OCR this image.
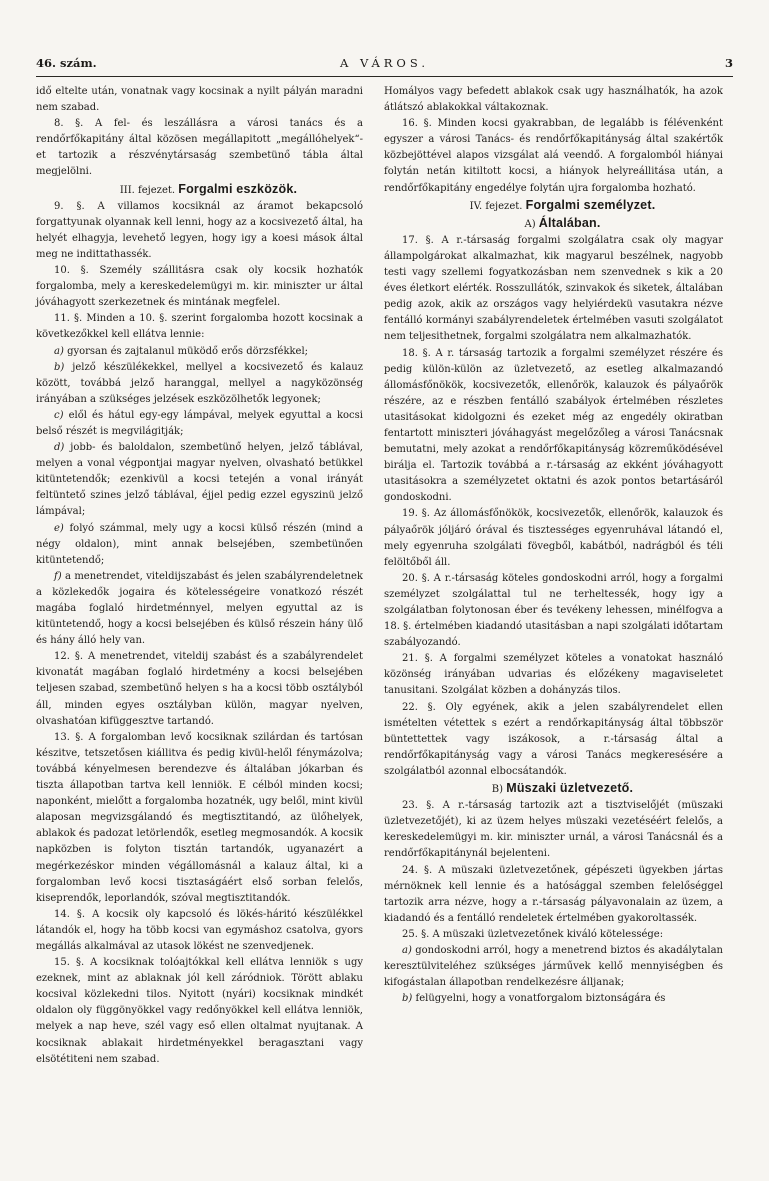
46. szám.	A VÁROS.	3

idő eltelte után, vonatnak vagy kocsinak a nyilt pályán maradni nem szabad.

8. §. A fel- és leszállásra a városi tanács és a rendőrfőkapitány által közösen megállapitott „megállóhelyek“-et tartozik a részvénytársaság szembetünő tábla által megjelölni.

III. fejezet. Forgalmi eszközök.

9. §. A villamos kocsiknál az áramot bekapcsoló forgattyunak olyannak kell lenni, hogy az a kocsivezető által, ha helyét elhagyja, levehető legyen, hogy igy a koesi mások által meg ne indittathassék.

10. §. Személy szállitásra csak oly kocsik hozhatók forgalomba, mely a kereskedelemügyi m. kir. miniszter ur által jóváhagyott szerkezetnek és mintának megfelel.

11. §. Minden a 10. §. szerint forgalomba hozott kocsinak a következőkkel kell ellátva lennie:

a) gyorsan és zajtalanul müködő erős dörzsfékkel;

b) jelző készülékekkel, mellyel a kocsivezető és kalauz között, továbbá jelző haranggal, mellyel a nagyközönség irányában a szükséges jelzések eszközölhetők legyonek;

c) elől és hátul egy-egy lámpával, melyek egyuttal a kocsi belső részét is megvilágitják;

d) jobb- és baloldalon, szembetünő helyen, jelző táblával, melyen a vonal végpontjai magyar nyelven, olvasható betükkel kitüntetendők; ezenkivül a kocsi tetején a vonal irányát feltüntető szines jelző táblával, éjjel pedig ezzel egyszinü jelző lámpával;

e) folyó számmal, mely ugy a kocsi külső részén (mind a négy oldalon), mint annak belsejében, szembetünően kitüntetendő;

f) a menetrendet, viteldijszabást és jelen szabályrendeletnek a közlekedők jogaira és kötelességeire vonatkozó részét magába foglaló hirdetménnyel, melyen egyuttal az is kitüntetendő, hogy a kocsi belsejében és külső részein hány ülő és hány álló hely van.

12. §. A menetrendet, viteldij szabást és a szabályrendelet kivonatát magában foglaló hirdetmény a kocsi belsejében teljesen szabad, szembetünő helyen s ha a kocsi több osztályból áll, minden egyes osztályban külön, magyar nyelven, olvashatóan kifüggesztve tartandó.

13. §. A forgalomban levő kocsiknak szilárdan és tartósan készitve, tetszetősen kiállitva és pedig kivül-helől fénymázolva; továbbá kényelmesen berendezve és általában jókarban és tiszta állapotban tartva kell lenniök. E célból minden kocsi; naponként, mielőtt a forgalomba hozatnék, ugy belől, mint kivül alaposan megvizsgálandó és megtisztitandó, az ülőhelyek, ablakok és padozat letörlendők, esetleg megmosandók. A kocsik napközben is folyton tisztán tartandók, ugyanazért a megérkezéskor minden végállomásnál a kalauz által, ki a forgalomban levő kocsi tisztaságáért első sorban felelős, kiseprendők, leporlandók, szóval megtisztitandók.

14. §. A kocsik oly kapcsoló és lökés-háritó készülékkel látandók el, hogy ha több kocsi van egymáshoz csatolva, gyors megállás alkalmával az utasok lökést ne szenvedjenek.

15. §. A kocsiknak tolóajtókkal kell ellátva lenniök s ugy ezeknek, mint az ablaknak jól kell záródniok. Törött ablaku kocsival közlekedni tilos. Nyitott (nyári) kocsiknak mindkét oldalon oly függönyökkel vagy redőnyökkel kell ellátva lenniök, melyek a nap heve, szél vagy eső ellen oltalmat nyujtanak. A kocsiknak ablakait hirdetményekkel beragasztani vagy elsötétiteni nem szabad.

Homályos vagy befedett ablakok csak ugy használhatók, ha azok átlátszó ablakokkal váltakoznak.

16. §. Minden kocsi gyakrabban, de legalább is félévenként egyszer a városi Tanács- és rendőrfőkapitányság által szakértők közbejöttével alapos vizsgálat alá veendő. A forgalomból hiányai folytán netán kitiltott kocsi, a hiányok helyreállitása után, a rendőrfőkapitány engedélye folytán ujra forgalomba hozható.

IV. fejezet. Forgalmi személyzet.

A) Általában.

17. §. A r.-társaság forgalmi szolgálatra csak oly magyar állampolgárokat alkalmazhat, kik magyarul beszélnek, nagyobb testi vagy szellemi fogyatkozásban nem szenvednek s kik a 20 éves életkort elérték. Rosszullátók, szinvakok és siketek, általában pedig azok, akik az országos vagy helyiérdekü vasutakra nézve fentálló kormányi szabályrendeletek értelmében vasuti szolgálatot nem teljesithetnek, forgalmi szolgálatra nem alkalmazhatók.

18. §. A r. társaság tartozik a forgalmi személyzet részére és pedig külön-külön az üzletvezető, az esetleg alkalmazandó állomásfőnökök, kocsivezetők, ellenőrök, kalauzok és pályaőrök részére, az e részben fentálló szabályok értelmében részletes utasitásokat kidolgozni és ezeket még az engedély okiratban fentartott miniszteri jóváhagyást megelőzőleg a városi Tanácsnak bemutatni, mely azokat a rendőrfőkapitányság közreműködésével birálja el. Tartozik továbbá a r.-társaság az ekként jóváhagyott utasitásokra a személyzetet oktatni és azok pontos betartásáról gondoskodni.

19. §. Az állomásfőnökök, kocsivezetők, ellenőrök, kalauzok és pályaőrök jóljáró órával és tisztességes egyenruhával látandó el, mely egyenruha szolgálati fövegből, kabátból, nadrágból és téli felöltőből áll.

20. §. A r.-társaság köteles gondoskodni arról, hogy a forgalmi személyzet szolgálattal tul ne terheltessék, hogy igy a szolgálatban folytonosan éber és tevékeny lehessen, minélfogva a 18. §. értelmében kiadandó utasitásban a napi szolgálati időtartam szabályozandó.

21. §. A forgalmi személyzet köteles a vonatokat használó közönség irányában udvarias és előzékeny magaviseletet tanusitani. Szolgálat közben a dohányzás tilos.

22. §. Oly egyének, akik a jelen szabályrendelet ellen ismételten vétettek s ezért a rendőrkapitányság által többször büntettettek vagy iszákosok, a r.-társaság által a rendőrfőkapitányság vagy a városi Tanács megkeresésére a szolgálatból azonnal elbocsátandók.

B) Müszaki üzletvezető.

23. §. A r.-társaság tartozik azt a tisztviselőjét (müszaki üzletvezetőjét), ki az üzem helyes müszaki vezetéséért felelős, a kereskedelemügyi m. kir. miniszter urnál, a városi Tanácsnál és a rendőrfőkapitánynál bejelenteni.

24. §. A müszaki üzletvezetőnek, gépészeti ügyekben jártas mérnöknek kell lennie és a hatósággal szemben felelőséggel tartozik arra nézve, hogy a r.-társaság pályavonalain az üzem, a kiadandó és a fentálló rendeletek értelmében gyakoroltassék.

25. §. A müszaki üzletvezetőnek kiváló kötelessége:

a) gondoskodni arról, hogy a menetrend biztos és akadálytalan keresztülviteléhez szükséges járművek kellő mennyiségben és kifogástalan állapotban rendelkezésre álljanak;

b) felügyelni, hogy a vonatforgalom biztonságára és
